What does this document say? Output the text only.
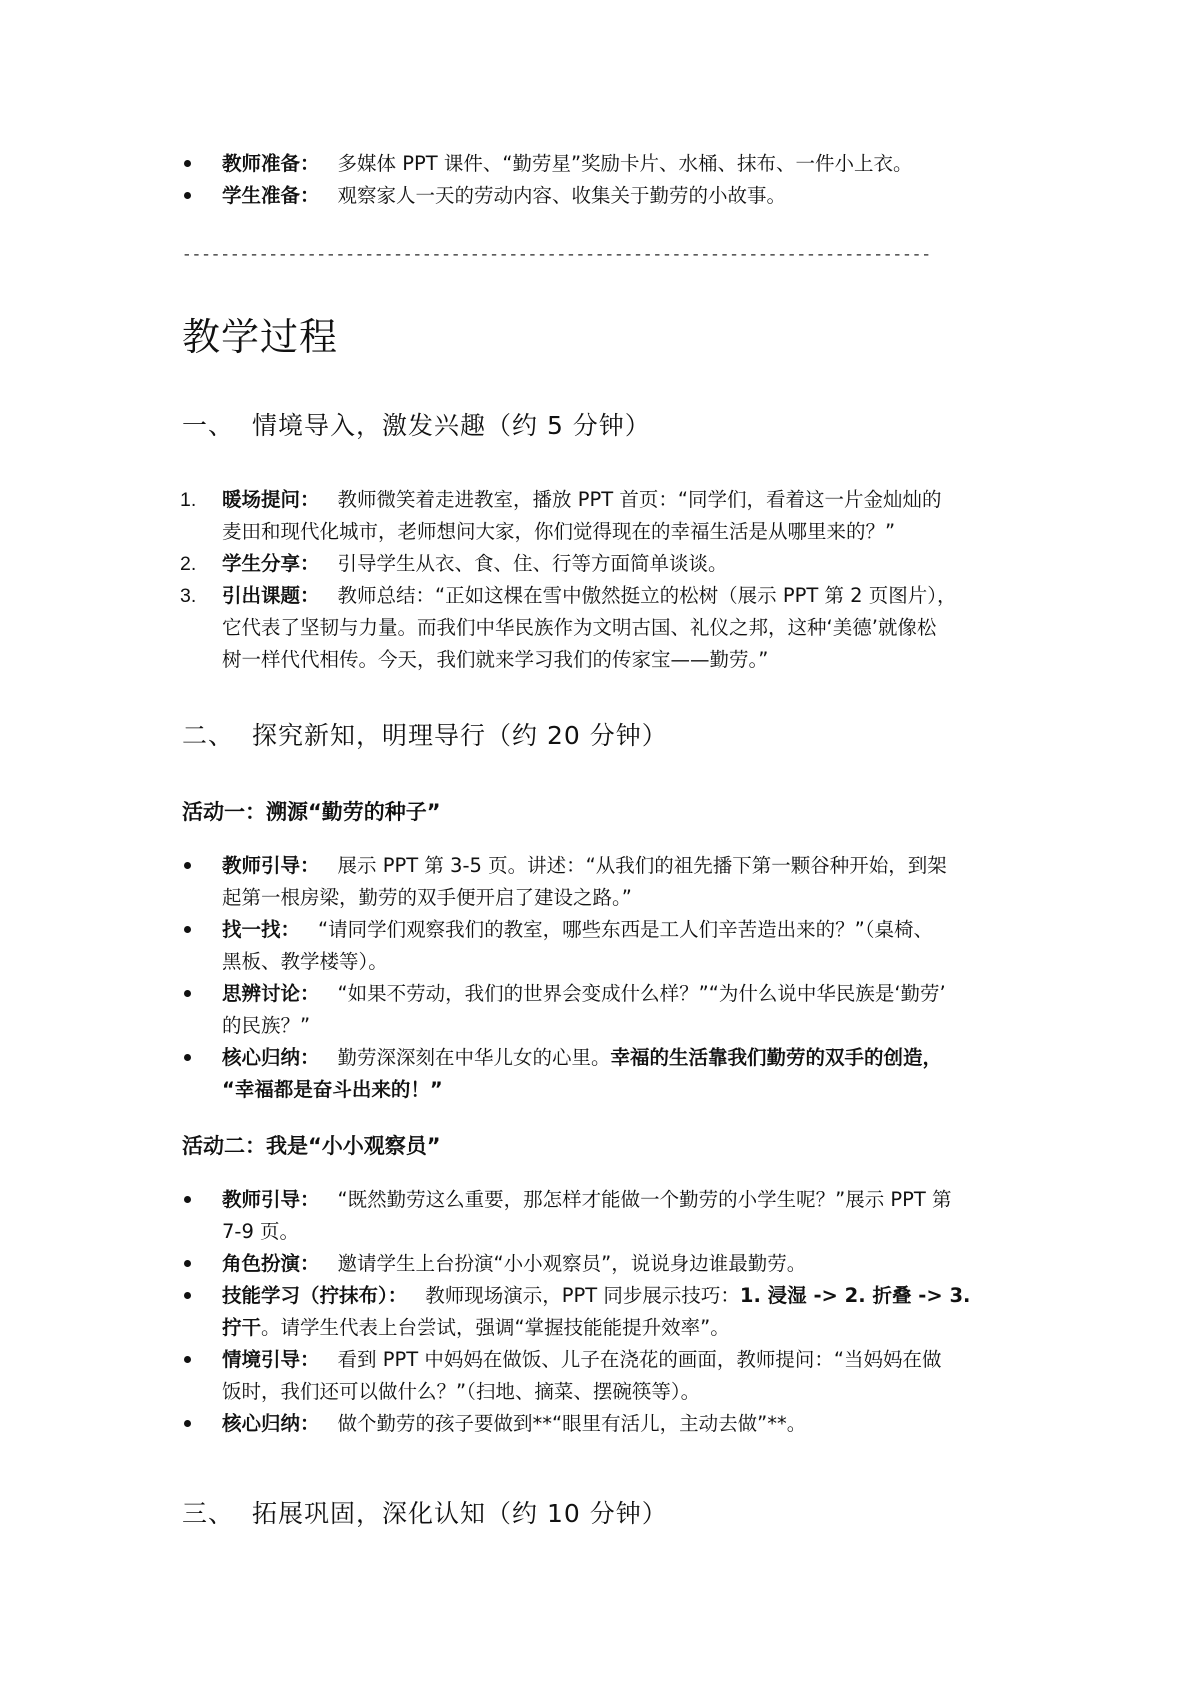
教师准备： 多媒体 PPT 课件、“勤劳星”奖励卡片、水桶、抹布、一件小上衣。
学生准备： 观察家人一天的劳动内容、收集关于勤劳的小故事。
------------------------------------------------------------------------------
教学过程
一、 情境导入，激发兴趣（约 5 分钟）
1. 暖场提问： 教师微笑着走进教室，播放 PPT 首页：“同学们，看着这一片金灿灿的
麦田和现代化城市，老师想问大家，你们觉得现在的幸福生活是从哪里来的？”
2. 学生分享： 引导学生从衣、食、住、行等方面简单谈谈。
3. 引出课题： 教师总结：“正如这棵在雪中傲然挺立的松树（展示 PPT 第 2 页图片），
它代表了坚韧与力量。而我们中华民族作为文明古国、礼仪之邦，这种‘美德’就像松
树一样代代相传。今天，我们就来学习我们的传家宝——勤劳。”
二、 探究新知，明理导行（约 20 分钟）
活动一：溯源“勤劳的种子”
教师引导： 展示 PPT 第 3-5 页。讲述：“从我们的祖先播下第一颗谷种开始，到架
起第一根房梁，勤劳的双手便开启了建设之路。”
找一找： “请同学们观察我们的教室，哪些东西是工人们辛苦造出来的？”（桌椅、
黑板、教学楼等）。
思辨讨论： “如果不劳动，我们的世界会变成什么样？”“为什么说中华民族是‘勤劳’
的民族？”
核心归纳： 勤劳深深刻在中华儿女的心里。幸福的生活靠我们勤劳的双手的创造，
“幸福都是奋斗出来的！”
活动二：我是“小小观察员”
教师引导： “既然勤劳这么重要，那怎样才能做一个勤劳的小学生呢？”展示 PPT 第
7-9 页。
角色扮演： 邀请学生上台扮演“小小观察员”，说说身边谁最勤劳。
技能学习（拧抹布）： 教师现场演示，PPT 同步展示技巧：1. 浸湿 -> 2. 折叠 -> 3.
拧干。请学生代表上台尝试，强调“掌握技能能提升效率”。
情境引导： 看到 PPT 中妈妈在做饭、儿子在浇花的画面，教师提问：“当妈妈在做
饭时，我们还可以做什么？”（扫地、摘菜、摆碗筷等）。
核心归纳： 做个勤劳的孩子要做到**“眼里有活儿，主动去做”**。
三、 拓展巩固，深化认知（约 10 分钟）
